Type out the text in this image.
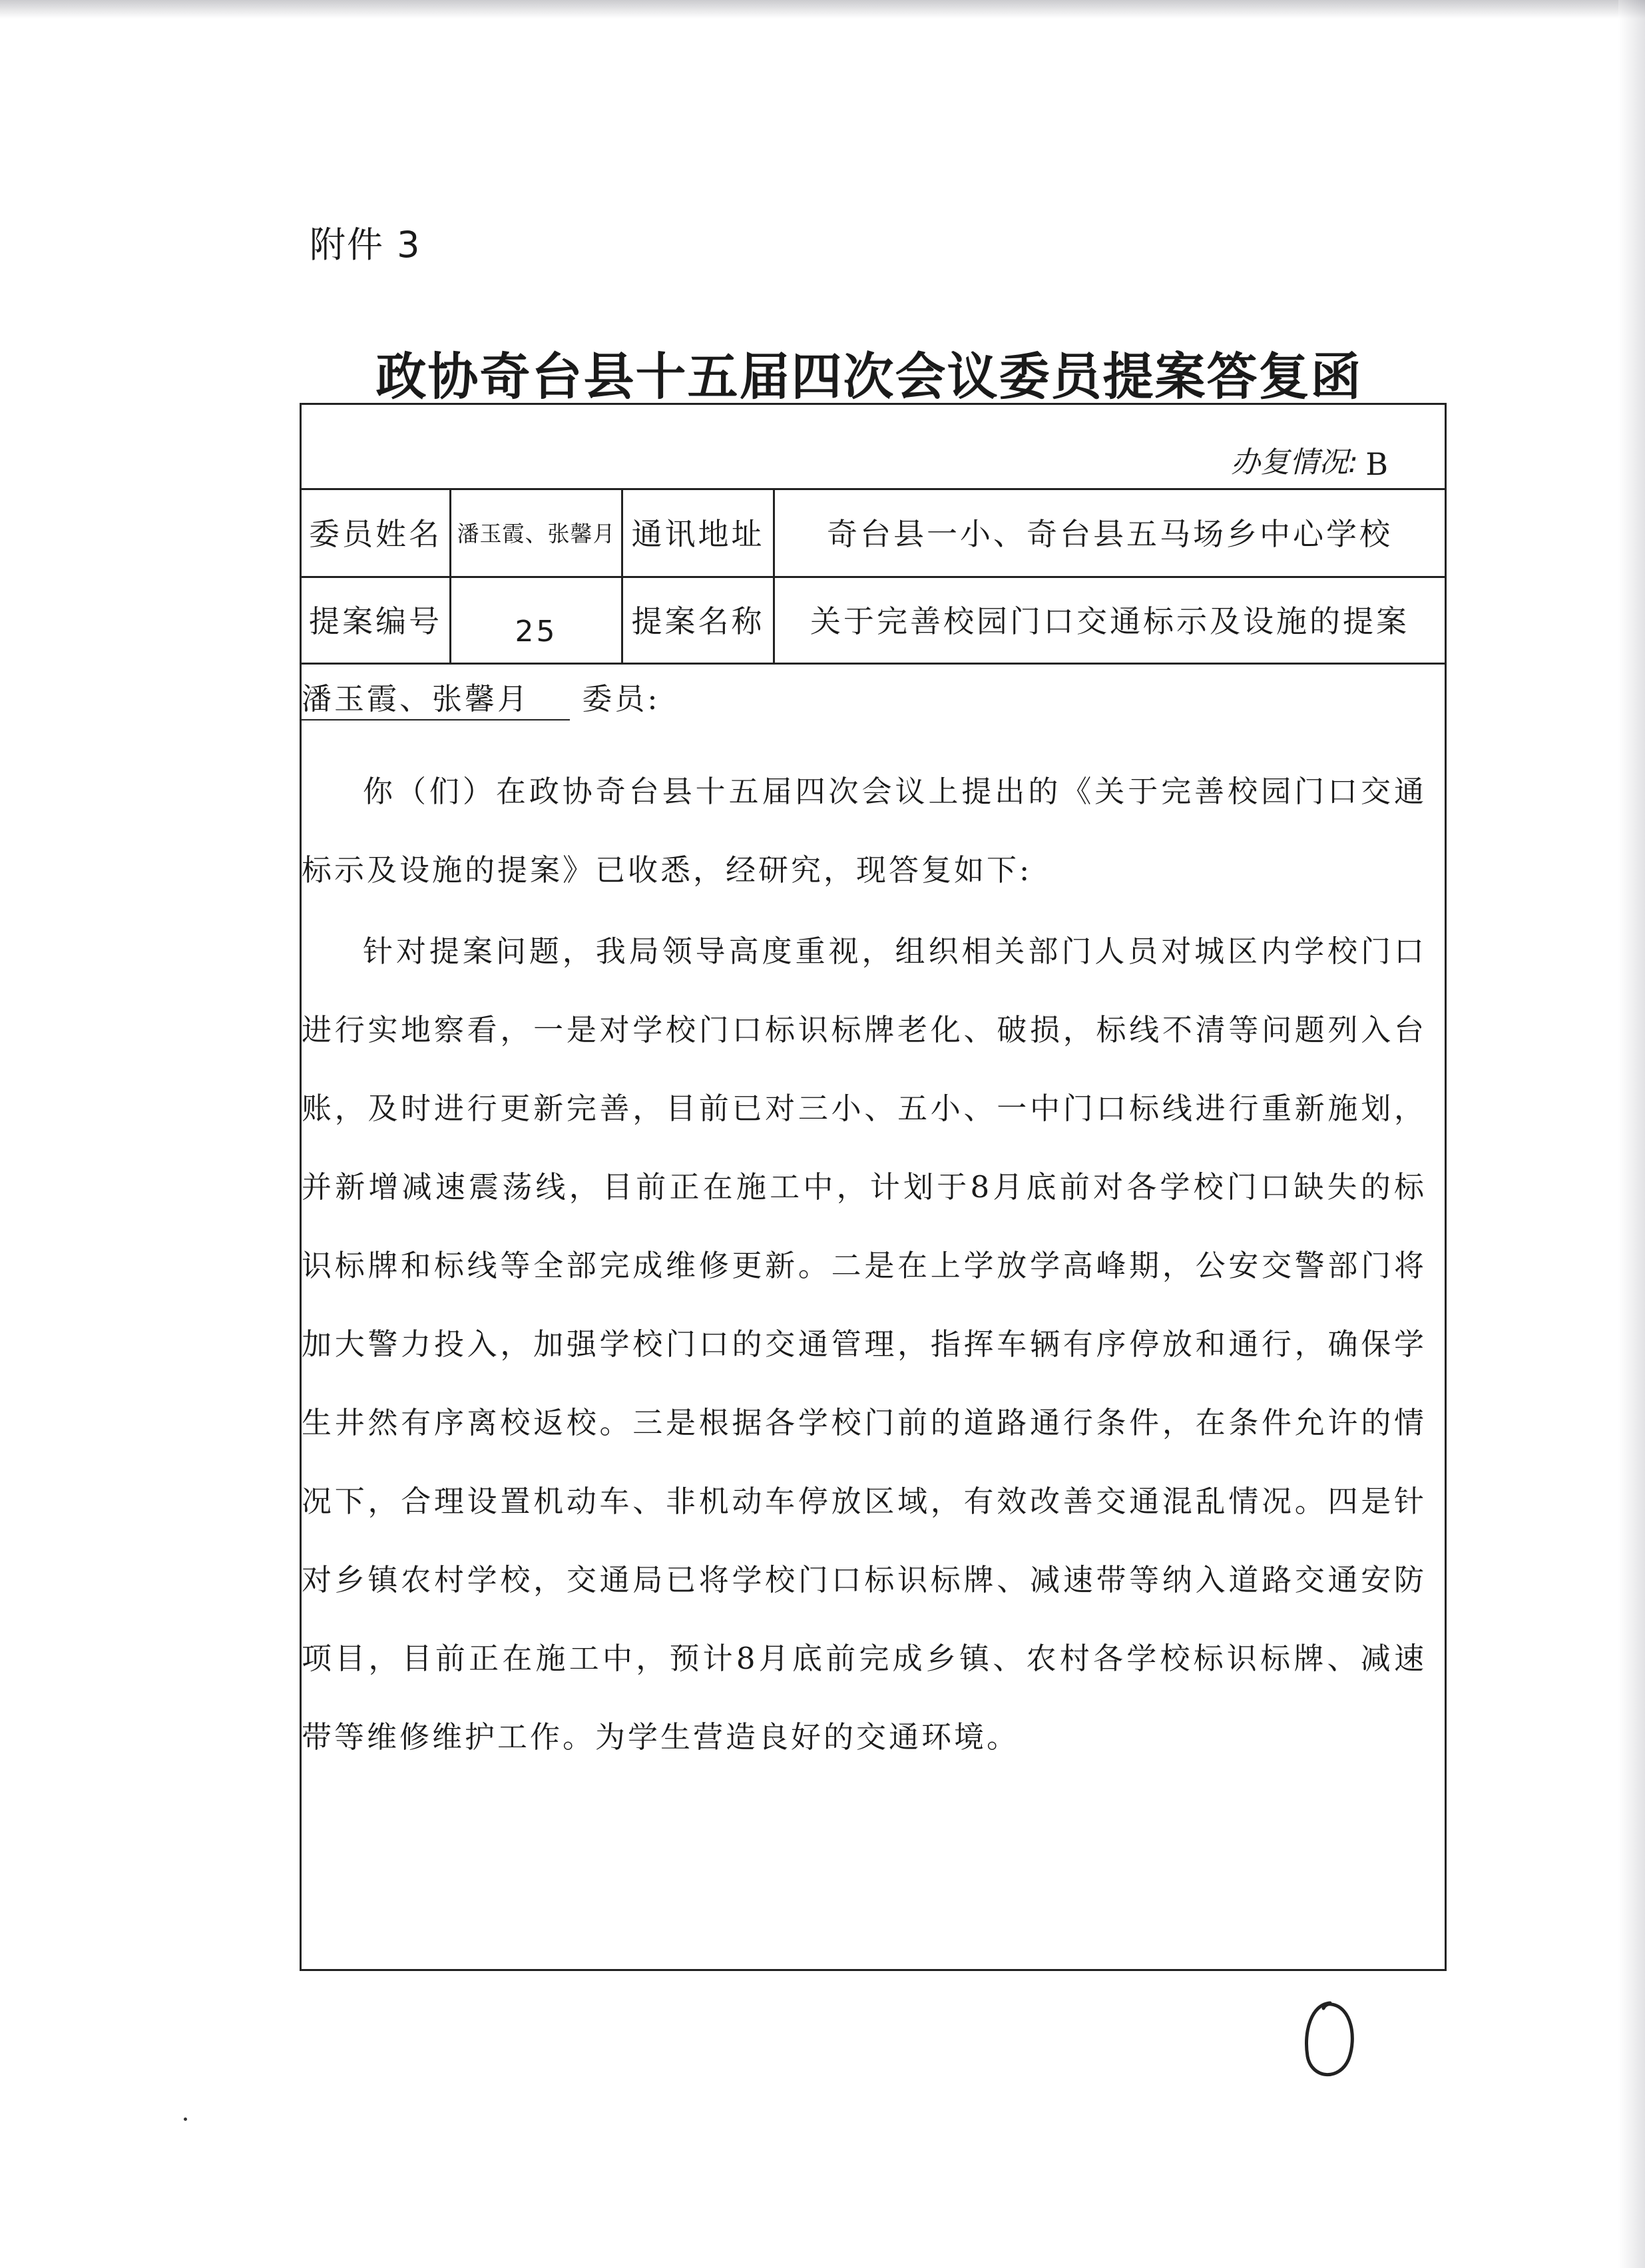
附件 3
政协奇台县十五届四次会议委员提案答复函
办复情况: B
委员姓名 潘玉霞、张馨月 通讯地址	奇台县一小、奇台县五马场乡中心学校
提案编号	25	提案名称	关于完善校园门口交通标示及设施的提案
潘玉霞、张馨月 委员:
你（们）在政协奇台县十五届四次会议上提出的《关于完善校园门口交通标示及设施的提案》已收悉，经研究，现答复如下:
针对提案问题，我局领导高度重视，组织相关部门人员对城区内学校门口进行实地察看，一是对学校门口标识标牌老化、破损，标线不清等问题列入台账，及时进行更新完善，目前已对三小、五小、一中门口标线进行重新施划，并新增减速震荡线，目前正在施工中，计划于8月底前对各学校门口缺失的标识标牌和标线等全部完成维修更新。二是在上学放学高峰期，公安交警部门将加大警力投入，加强学校门口的交通管理，指挥车辆有序停放和通行，确保学生井然有序离校返校。三是根据各学校门前的道路通行条件，在条件允许的情况下，合理设置机动车、非机动车停放区域，有效改善交通混乱情况。四是针对乡镇农村学校，交通局已将学校门口标识标牌、减速带等纳入道路交通安防项目，目前正在施工中，预计8月底前完成乡镇、农村各学校标识标牌、减速带等维修维护工作。为学生营造良好的交通环境。
